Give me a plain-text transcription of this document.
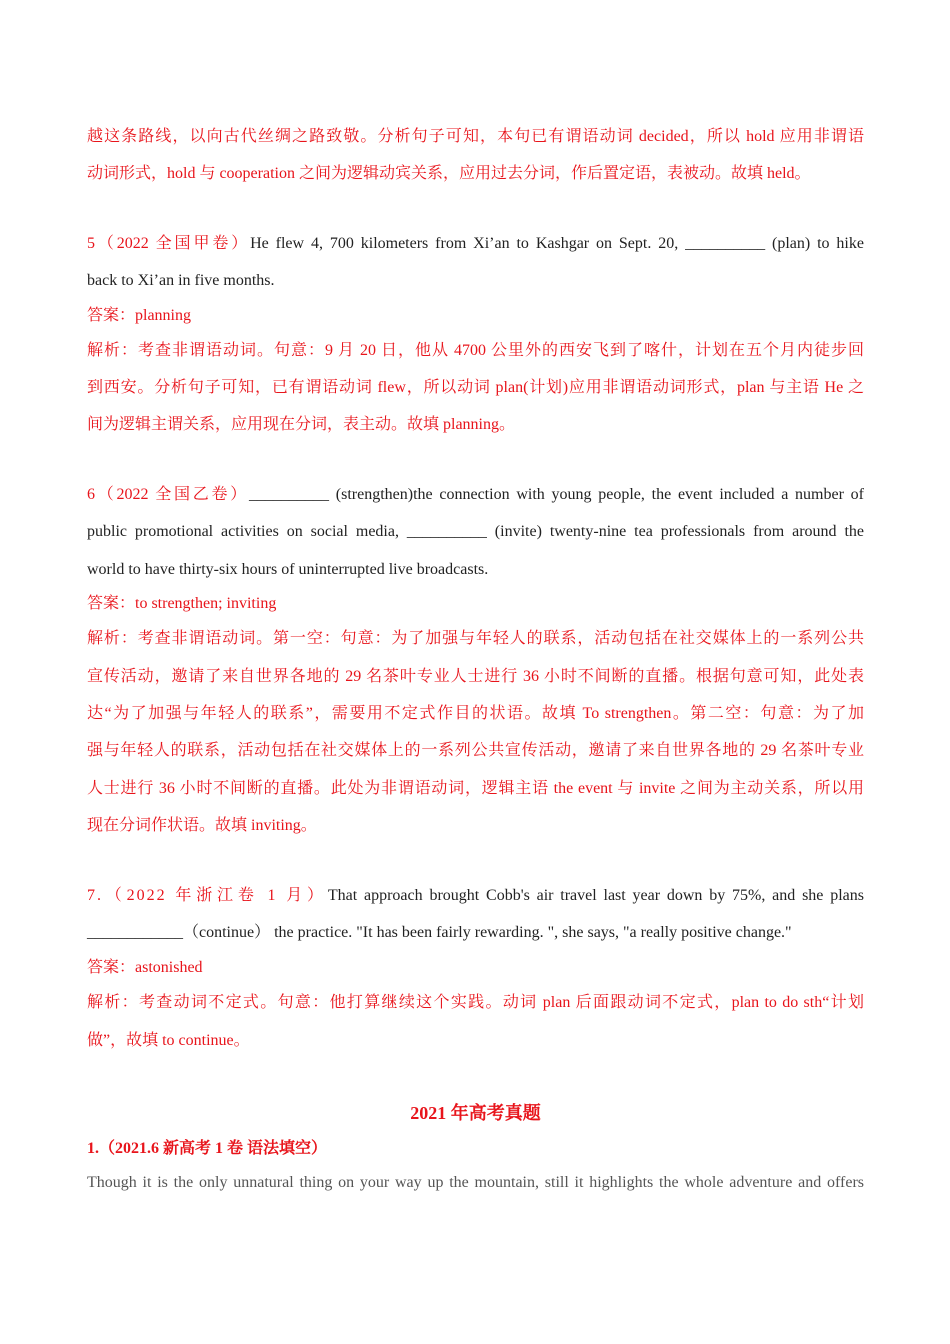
越这条路线，以向古代丝绸之路致敬。分析句子可知，本句已有谓语动词 decided，所以 hold 应用非谓语
动词形式，hold 与 cooperation 之间为逻辑动宾关系，应用过去分词，作后置定语，表被动。故填 held。
5（2022 全国甲卷）He flew 4, 700 kilometers from Xi’an to Kashgar on Sept. 20, __________ (plan) to hike
back to Xi’an in five months.
答案：planning
解析：考查非谓语动词。句意：9 月 20 日，他从 4700 公里外的西安飞到了喀什，计划在五个月内徒步回
到西安。分析句子可知，已有谓语动词 flew，所以动词 plan(计划)应用非谓语动词形式，plan 与主语 He 之
间为逻辑主谓关系，应用现在分词，表主动。故填 planning。
6（2022 全国乙卷）__________ (strengthen)the connection with young people, the event included a number of
public promotional activities on social media, __________ (invite) twenty-nine tea professionals from around the
world to have thirty-six hours of uninterrupted live broadcasts.
答案：to strengthen; inviting
解析：考查非谓语动词。第一空：句意：为了加强与年轻人的联系，活动包括在社交媒体上的一系列公共
宣传活动，邀请了来自世界各地的 29 名茶叶专业人士进行 36 小时不间断的直播。根据句意可知，此处表
达“为了加强与年轻人的联系”，需要用不定式作目的状语。故填 To strengthen。第二空：句意：为了加
强与年轻人的联系，活动包括在社交媒体上的一系列公共宣传活动，邀请了来自世界各地的 29 名茶叶专业
人士进行 36 小时不间断的直播。此处为非谓语动词，逻辑主语 the event 与 invite 之间为主动关系，所以用
现在分词作状语。故填 inviting。
7.（2022 年浙江卷 1 月）That approach brought Cobb's air travel last year down by 75%, and she plans
____________（continue） the practice. "It has been fairly rewarding. ", she says, "a really positive change."
答案：astonished
解析：考查动词不定式。句意：他打算继续这个实践。动词 plan 后面跟动词不定式，plan to do sth“计划
做”，故填 to continue。
2021 年高考真题
1.（2021.6 新高考 1 卷 语法填空）
Though it is the only unnatural thing on your way up the mountain, still it highlights the whole adventure and offers
